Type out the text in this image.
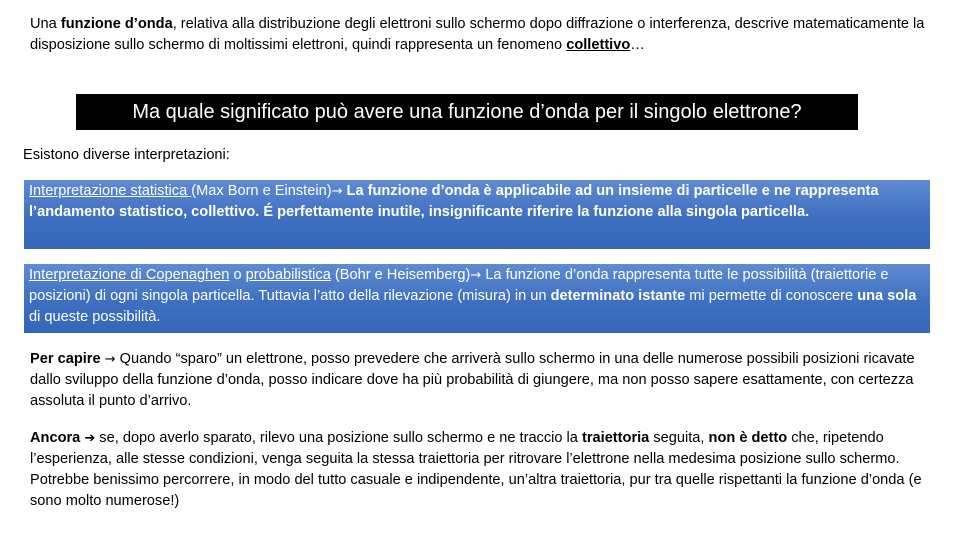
Una funzione d’onda, relativa alla distribuzione degli elettroni sullo schermo dopo diffrazione o interferenza, descrive matematicamente la disposizione sullo schermo di moltissimi elettroni, quindi rappresenta un fenomeno collettivo…
Ma quale significato può avere una funzione d’onda per il singolo elettrone?
Esistono diverse interpretazioni:
Interpretazione statistica (Max Born e Einstein)→ La funzione d’onda è applicabile ad un insieme di particelle e ne rappresenta l’andamento statistico, collettivo. É perfettamente inutile, insignificante riferire la funzione alla singola particella.
Interpretazione di Copenaghen o probabilistica (Bohr e Heisemberg)→ La funzione d’onda rappresenta tutte le possibilità (traiettorie e posizioni) di ogni singola particella. Tuttavia l’atto della rilevazione (misura) in un determinato istante mi permette di conoscere una sola di queste possibilità.
Per capire → Quando “sparo” un elettrone, posso prevedere che arriverà sullo schermo in una delle numerose possibili posizioni ricavate dallo sviluppo della funzione d’onda, posso indicare dove ha più probabilità di giungere, ma non posso sapere esattamente, con certezza assoluta il punto d’arrivo.
Ancora ➔ se, dopo averlo sparato, rilevo una posizione sullo schermo e ne traccio la traiettoria seguita, non è detto che, ripetendo l’esperienza, alle stesse condizioni, venga seguita la stessa traiettoria per ritrovare l’elettrone nella medesima posizione sullo schermo. Potrebbe benissimo percorrere, in modo del tutto casuale e indipendente, un’altra traiettoria, pur tra quelle rispettanti la funzione d’onda (e sono molto numerose!)
